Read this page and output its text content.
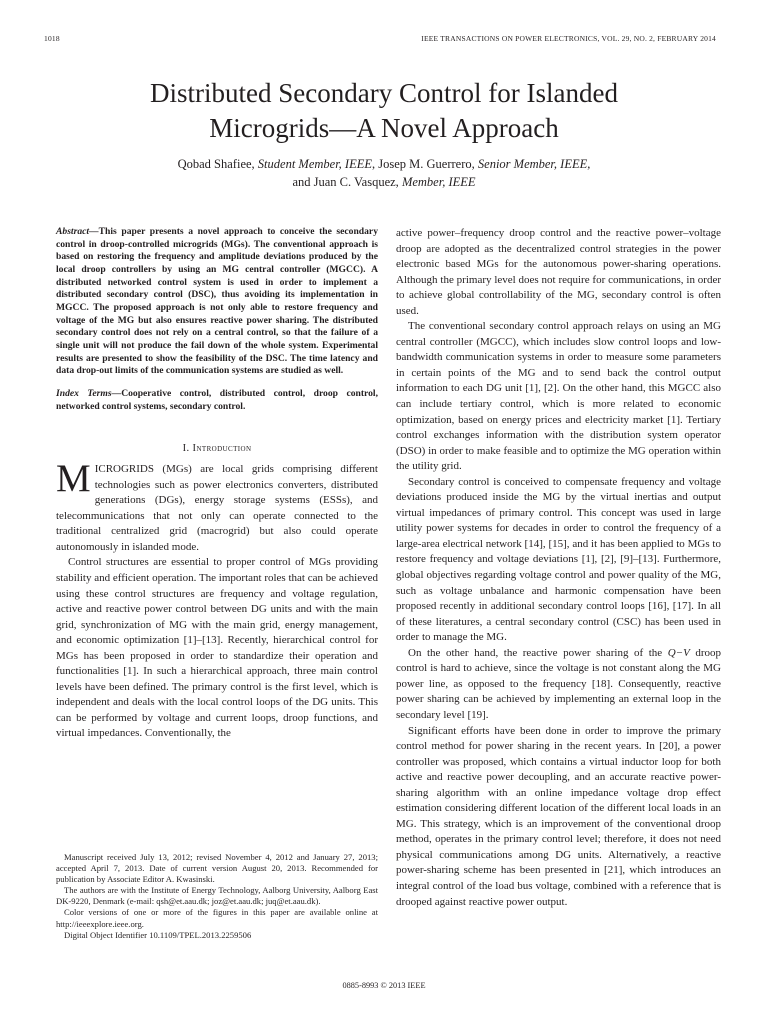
1018	IEEE TRANSACTIONS ON POWER ELECTRONICS, VOL. 29, NO. 2, FEBRUARY 2014
Distributed Secondary Control for Islanded
Microgrids—A Novel Approach
Qobad Shafiee, Student Member, IEEE, Josep M. Guerrero, Senior Member, IEEE,
and Juan C. Vasquez, Member, IEEE

Abstract—This paper presents a novel approach to conceive the secondary control in droop-controlled microgrids (MGs). The conventional approach is based on restoring the frequency and amplitude deviations produced by the local droop controllers by using an MG central controller (MGCC). A distributed networked control system is used in order to implement a distributed secondary control (DSC), thus avoiding its implementation in MGCC. The proposed approach is not only able to restore frequency and voltage of the MG but also ensures reactive power sharing. The distributed secondary control does not rely on a central control, so that the failure of a single unit will not produce the fail down of the whole system. Experimental results are presented to show the feasibility of the DSC. The time latency and data drop-out limits of the communication systems are studied as well.

Index Terms—Cooperative control, distributed control, droop control, networked control systems, secondary control.

I. Introduction

MICROGRIDS (MGs) are local grids comprising different technologies such as power electronics converters, distributed generations (DGs), energy storage systems (ESSs), and telecommunications that not only can operate connected to the traditional centralized grid (macrogrid) but also could operate autonomously in islanded mode.

Control structures are essential to proper control of MGs providing stability and efficient operation. The important roles that can be achieved using these control structures are frequency and voltage regulation, active and reactive power control between DG units and with the main grid, synchronization of MG with the main grid, energy management, and economic optimization [1]–[13]. Recently, hierarchical control for MGs has been proposed in order to standardize their operation and functionalities [1]. In such a hierarchical approach, three main control levels have been defined. The primary control is the first level, which is independent and deals with the local control loops of the DG units. This can be performed by voltage and current loops, droop functions, and virtual impedances. Conventionally, the

Manuscript received July 13, 2012; revised November 4, 2012 and January 27, 2013; accepted April 7, 2013. Date of current version August 20, 2013. Recommended for publication by Associate Editor A. Kwasinski.

The authors are with the Institute of Energy Technology, Aalborg University, Aalborg East DK-9220, Denmark (e-mail: qsh@et.aau.dk; joz@et.aau.dk; juq@et.aau.dk).

Color versions of one or more of the figures in this paper are available online at http://ieeexplore.ieee.org.

Digital Object Identifier 10.1109/TPEL.2013.2259506

active power–frequency droop control and the reactive power–voltage droop are adopted as the decentralized control strategies in the power electronic based MGs for the autonomous power-sharing operations. Although the primary level does not require for communications, in order to achieve global controllability of the MG, secondary control is often used.

The conventional secondary control approach relays on using an MG central controller (MGCC), which includes slow control loops and low-bandwidth communication systems in order to measure some parameters in certain points of the MG and to send back the control output information to each DG unit [1], [2]. On the other hand, this MGCC also can include tertiary control, which is more related to economic optimization, based on energy prices and electricity market [1]. Tertiary control exchanges information with the distribution system operator (DSO) in order to make feasible and to optimize the MG operation within the utility grid.

Secondary control is conceived to compensate frequency and voltage deviations produced inside the MG by the virtual inertias and output virtual impedances of primary control. This concept was used in large utility power systems for decades in order to control the frequency of a large-area electrical network [14], [15], and it has been applied to MGs to restore frequency and voltage deviations [1], [2], [9]–[13]. Furthermore, global objectives regarding voltage control and power quality of the MG, such as voltage unbalance and harmonic compensation have been proposed recently in additional secondary control loops [16], [17]. In all of these literatures, a central secondary control (CSC) has been used in order to manage the MG.

On the other hand, the reactive power sharing of the Q−V droop control is hard to achieve, since the voltage is not constant along the MG power line, as opposed to the frequency [18]. Consequently, reactive power sharing can be achieved by implementing an external loop in the secondary level [19].

Significant efforts have been done in order to improve the primary control method for power sharing in the recent years. In [20], a power controller was proposed, which contains a virtual inductor loop for both active and reactive power decoupling, and an accurate reactive power-sharing algorithm with an online impedance voltage drop effect estimation considering different location of the different local loads in an MG. This strategy, which is an improvement of the conventional droop method, operates in the primary control level; therefore, it does not need physical communications among DG units. Alternatively, a reactive power-sharing scheme has been presented in [21], which introduces an integral control of the load bus voltage, combined with a reference that is drooped against reactive power output.

0885-8993 © 2013 IEEE
